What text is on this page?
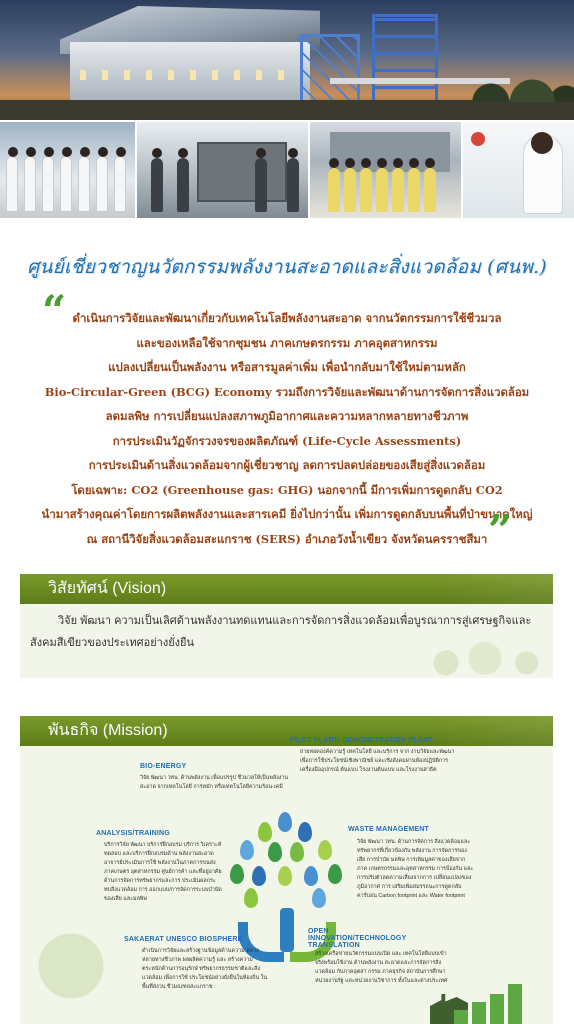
ศูนย์เชี่ยวชาญนวัตกรรมพลังงานสะอาดและสิ่งแวดล้อม (ศนพ.)
“ ดำเนินการวิจัยและพัฒนาเกี่ยวกับเทคโนโลยีพลังงานสะอาด จากนวัตกรรมการใช้ชีวมวล
และของเหลือใช้จากชุมชน ภาคเกษตรกรรม ภาคอุตสาหกรรม
แปลงเปลี่ยนเป็นพลังงาน หรือสารมูลค่าเพิ่ม เพื่อนำกลับมาใช้ใหม่ตามหลัก
Bio-Circular-Green (BCG) Economy รวมถึงการวิจัยและพัฒนาด้านการจัดการสิ่งแวดล้อม
ลดมลพิษ การเปลี่ยนแปลงสภาพภูมิอากาศและความหลากหลายทางชีวภาพ
การประเมินวัฏจักรวงจรของผลิตภัณฑ์ (Life-Cycle Assessments)
การประเมินด้านสิ่งแวดล้อมจากผู้เชี่ยวชาญ ลดการปลดปล่อยของเสียสู่สิ่งแวดล้อม
โดยเฉพาะ: CO2 (Greenhouse gas: GHG) นอกจากนี้ มีการเพิ่มการดูดกลับ CO2
นำมาสร้างคุณค่าโดยการผลิตพลังงานและสารเคมี ยิ่งไปกว่านั้น เพิ่มการดูดกลับบนพื้นที่ป่าขนาดใหญ่
ณ สถานีวิจัยสิ่งแวดล้อมสะแกราช (SERS) อำเภอวังน้ำเขียว จังหวัดนครราชสีมา ”
วิสัยทัศน์ (Vision)
วิจัย พัฒนา ความเป็นเลิศด้านพลังงานทดแทนและการจัดการสิ่งแวดล้อมเพื่อบูรณาการสู่เศรษฐกิจและสังคมสีเขียวของประเทศอย่างยั่งยืน
พันธกิจ (Mission)
BIO-ENERGY
วิจัย พัฒนา วทน. ด้านพลังงาน เพื่อแปรรูป ชีวมวลให้เป็นพลังงานสะอาด จากเทคโนโลยี การหมัก หรือเทคโนโลยีความร้อน-เคมี
PILOT PLANT/ DEMONSTRATION PLANT
ถ่ายทอดองค์ความรู้ เทคโนโลยี และบริการ จาก งานวิจัยและพัฒนา เพื่อการใช้ประโยชน์เชิงพาณิชย์ และเชิงสังคมผ่านห้องปฏิบัติการ เครื่องมืออุปกรณ์ ต้นแบบ โรงงานต้นแบบ และโรงงานสาธิต
ANALYSIS/TRAINING
บริการวิจัย พัฒนา บริการฝึกอบรม บริการ วิเคราะห์ทดสอบ และบริการฝึกอบรมด้าน พลังงานสะอาด อาจารย์ประเมินการใช้ พลังงานในภาคการขนส่ง ภาคเกษตร อุตสาหกรรม ศูนย์การค้า และที่อยู่อาศัย ด้านการจัดการทรัพยากรและการ ประเมินผลกระทบสิ่งแวดล้อม การ ออกแบบ/การจัดการระบบบำบัดของเสีย และมลพิษ
WASTE MANAGEMENT
วิจัย พัฒนา วทน. ด้านการจัดการ สิ่งแวดล้อมและทรัพยากรที่เกี่ยวข้องกับ พลังงาน การจัดการของเสีย การบำบัด มลพิษ การเพิ่มมูลค่าของเสียจากภาค เกษตรกรรมและอุตสาหกรรม การป้องกัน และการปรับตัวลดความเสี่ยงจากการ เปลี่ยนแปลงของภูมิอากาศ การ เสริมเพิ่มสมรรถนะการดูดกลับคาร์บอน Carbon footprint และ Water footprint
SAKAERAT UNESCO BIOSPHERE
ดำเนินการวิจัยและสร้างฐานข้อมูลด้านความ หลากหลายทางชีวภาพ ผลผลิตความรู้ และ สร้างความตระหนักด้านการอนุรักษ์ ทรัพยากรธรรมชาติและสิ่งแวดล้อม เพื่อการใช้ ประโยชน์อย่างยั่งยืนในท้องถิ่น ในพื้นที่สงวน ชีวมณฑลสะแกราช
OPEN INNOVATION/TECHNOLOGY TRANSLATION
สร้างเครือข่ายนวัตกรรมแบบเปิด และ เทคโนโลยีแบบเข้าจริงพร้อมใช้งาน ด้านพลังงาน สะอาดและการจัดการสิ่งแวดล้อม กับภาคอุตสา กรรม ภาคธุรกิจ สถาบันการศึกษา หน่วยงานรัฐ และหน่วยงานวิชาการ ทั้งในและต่างประเทศ
